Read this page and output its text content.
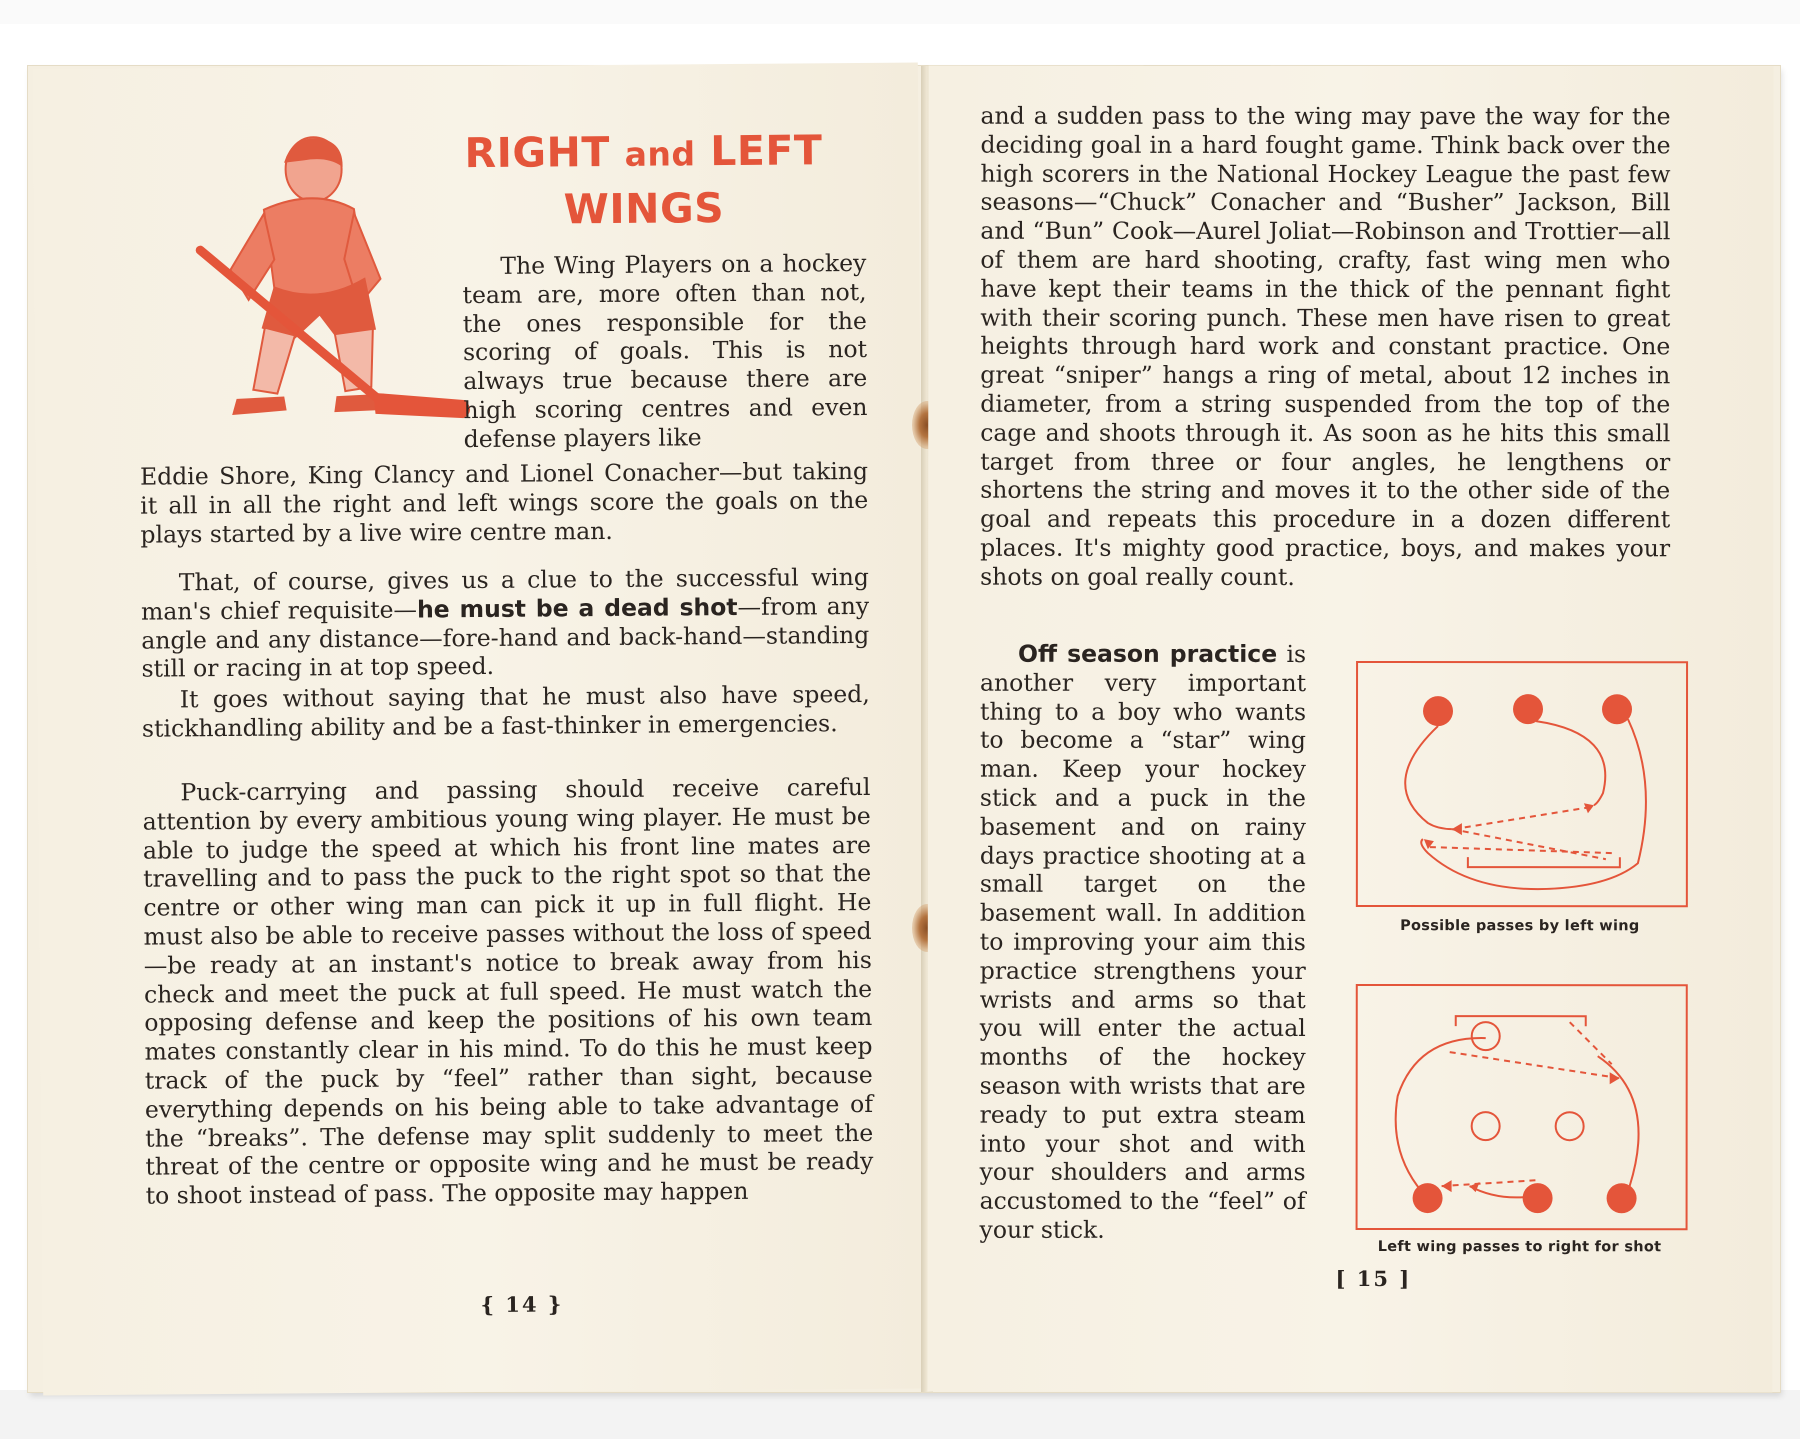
RIGHT and LEFT
WINGS

The Wing Players on a hockey team are, more often than not, the ones responsible for the scoring of goals. This is not always true because there are high scoring centres and even defense players like

Eddie Shore, King Clancy and Lionel Conacher—but taking it all in all the right and left wings score the goals on the plays started by a live wire centre man.

That, of course, gives us a clue to the successful wing man's chief requisite—he must be a dead shot—from any angle and any distance—fore-hand and back-hand—standing still or racing in at top speed.

It goes without saying that he must also have speed, stickhandling ability and be a fast-thinker in emergencies.

Puck-carrying and passing should receive careful attention by every ambitious young wing player. He must be able to judge the speed at which his front line mates are travelling and to pass the puck to the right spot so that the centre or other wing man can pick it up in full flight. He must also be able to receive passes without the loss of speed—be ready at an instant's notice to break away from his check and meet the puck at full speed. He must watch the opposing defense and keep the positions of his own team mates constantly clear in his mind. To do this he must keep track of the puck by “feel” rather than sight, because everything depends on his being able to take advantage of the “breaks”. The defense may split suddenly to meet the threat of the centre or opposite wing and he must be ready to shoot instead of pass. The opposite may happen

{ 14 }

and a sudden pass to the wing may pave the way for the deciding goal in a hard fought game. Think back over the high scorers in the National Hockey League the past few seasons—“Chuck” Conacher and “Busher” Jackson, Bill and “Bun” Cook—Aurel Joliat—Robinson and Trottier—all of them are hard shooting, crafty, fast wing men who have kept their teams in the thick of the pennant fight with their scoring punch. These men have risen to great heights through hard work and constant practice. One great “sniper” hangs a ring of metal, about 12 inches in diameter, from a string suspended from the top of the cage and shoots through it. As soon as he hits this small target from three or four angles, he lengthens or shortens the string and moves it to the other side of the goal and repeats this procedure in a dozen different places. It's mighty good practice, boys, and makes your shots on goal really count.

Off season practice is another very important thing to a boy who wants to become a “star” wing man. Keep your hockey stick and a puck in the basement and on rainy days practice shooting at a small target on the basement wall. In addition to improving your aim this practice strengthens your wrists and arms so that you will enter the actual months of the hockey season with wrists that are ready to put extra steam into your shot and with your shoulders and arms accustomed to the “feel” of your stick.

Possible passes by left wing
Left wing passes to right for shot
[ 15 ]
